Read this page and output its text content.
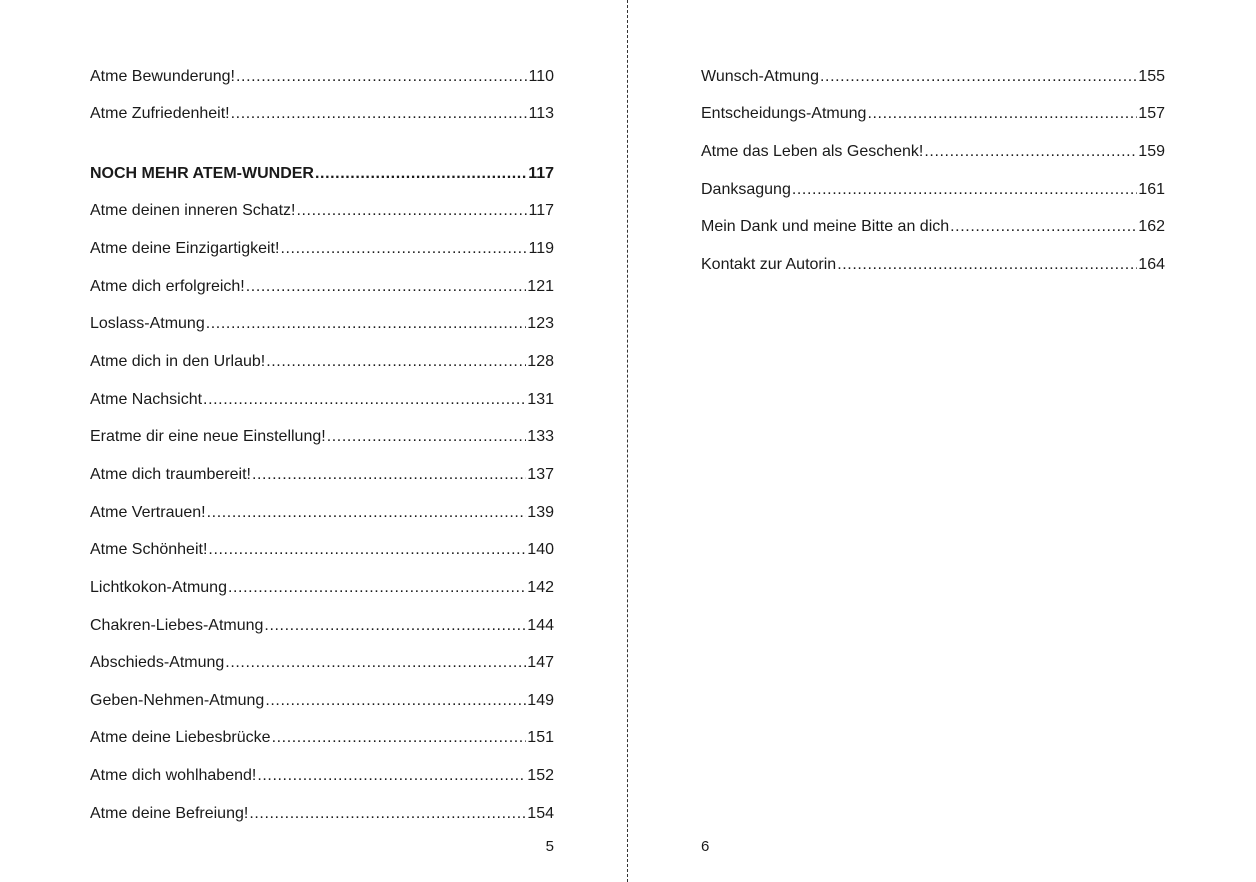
Atme Bewunderung! .....	110
Atme Zufriedenheit! .....	113
NOCH MEHR ATEM-WUNDER .....	117
Atme deinen inneren Schatz! .....	117
Atme deine Einzigartigkeit! .....	119
Atme dich erfolgreich! .....	121
Loslass-Atmung .....	123
Atme dich in den Urlaub! .....	128
Atme Nachsicht .....	131
Eratme dir eine neue Einstellung! .....	133
Atme dich traumbereit! .....	137
Atme Vertrauen! .....	139
Atme Schönheit! .....	140
Lichtkokon-Atmung .....	142
Chakren-Liebes-Atmung .....	144
Abschieds-Atmung .....	147
Geben-Nehmen-Atmung .....	149
Atme deine Liebesbrücke .....	151
Atme dich wohlhabend! .....	152
Atme deine Befreiung! .....	154
5
Wunsch-Atmung .....	155
Entscheidungs-Atmung .....	157
Atme das Leben als Geschenk! .....	159
Danksagung .....	161
Mein Dank und meine Bitte an dich .....	162
Kontakt zur Autorin .....	164
6
